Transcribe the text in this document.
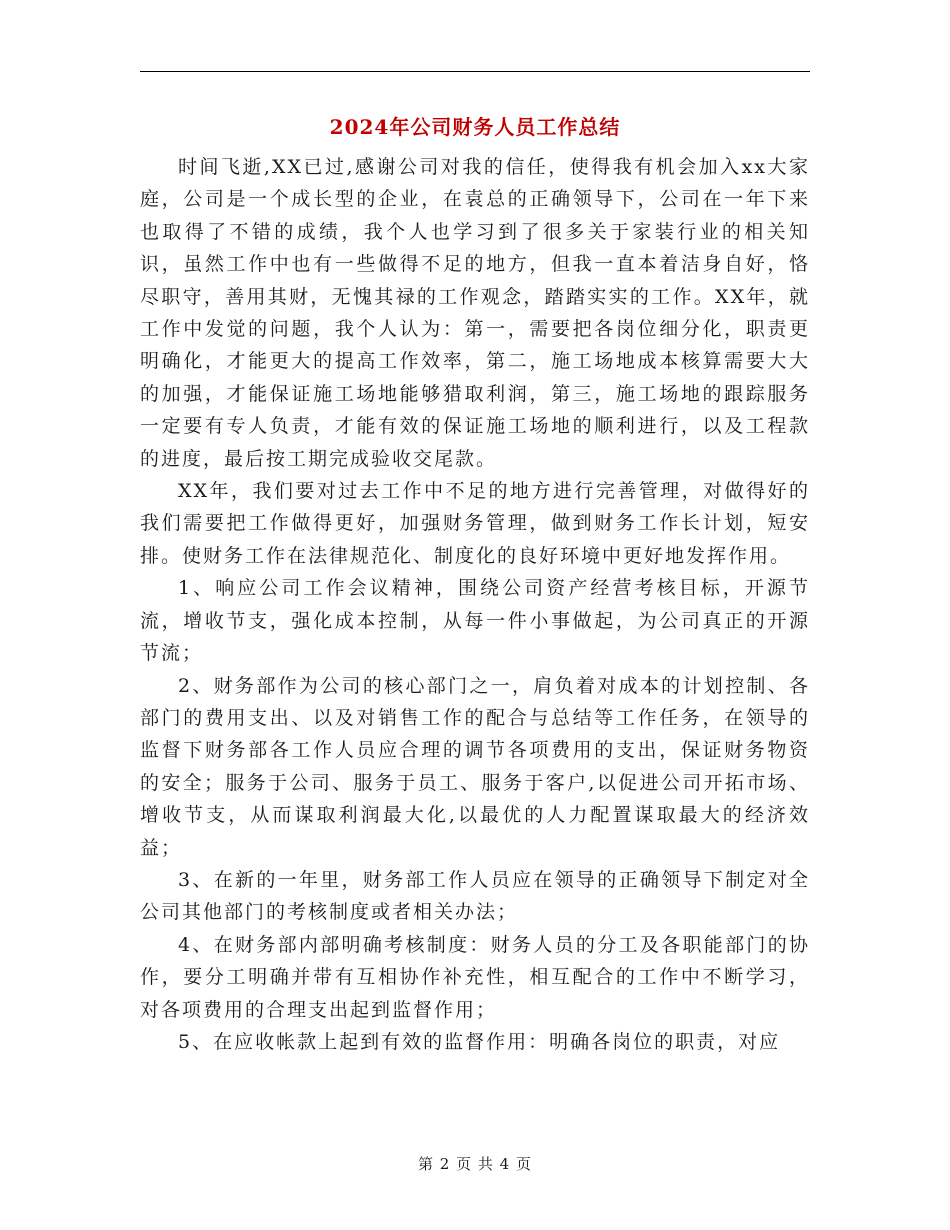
2024年公司财务人员工作总结

时间飞逝,XX已过,感谢公司对我的信任，使得我有机会加入xx大家庭，公司是一个成长型的企业，在袁总的正确领导下，公司在一年下来也取得了不错的成绩，我个人也学习到了很多关于家装行业的相关知识，虽然工作中也有一些做得不足的地方，但我一直本着洁身自好，恪尽职守，善用其财，无愧其禄的工作观念，踏踏实实的工作。XX年，就工作中发觉的问题，我个人认为：第一，需要把各岗位细分化，职责更明确化，才能更大的提高工作效率，第二，施工场地成本核算需要大大的加强，才能保证施工场地能够猎取利润，第三，施工场地的跟踪服务一定要有专人负责，才能有效的保证施工场地的顺利进行，以及工程款的进度，最后按工期完成验收交尾款。

XX年，我们要对过去工作中不足的地方进行完善管理，对做得好的我们需要把工作做得更好，加强财务管理，做到财务工作长计划，短安排。使财务工作在法律规范化、制度化的良好环境中更好地发挥作用。

1、响应公司工作会议精神，围绕公司资产经营考核目标，开源节流，增收节支，强化成本控制，从每一件小事做起，为公司真正的开源节流；

2、财务部作为公司的核心部门之一，肩负着对成本的计划控制、各部门的费用支出、以及对销售工作的配合与总结等工作任务，在领导的监督下财务部各工作人员应合理的调节各项费用的支出，保证财务物资的安全；服务于公司、服务于员工、服务于客户,以促进公司开拓市场、增收节支，从而谋取利润最大化,以最优的人力配置谋取最大的经济效益；

3、在新的一年里，财务部工作人员应在领导的正确领导下制定对全公司其他部门的考核制度或者相关办法；

4、在财务部内部明确考核制度：财务人员的分工及各职能部门的协作，要分工明确并带有互相协作补充性，相互配合的工作中不断学习，对各项费用的合理支出起到监督作用；

5、在应收帐款上起到有效的监督作用：明确各岗位的职责，对应

第 2 页 共 4 页
